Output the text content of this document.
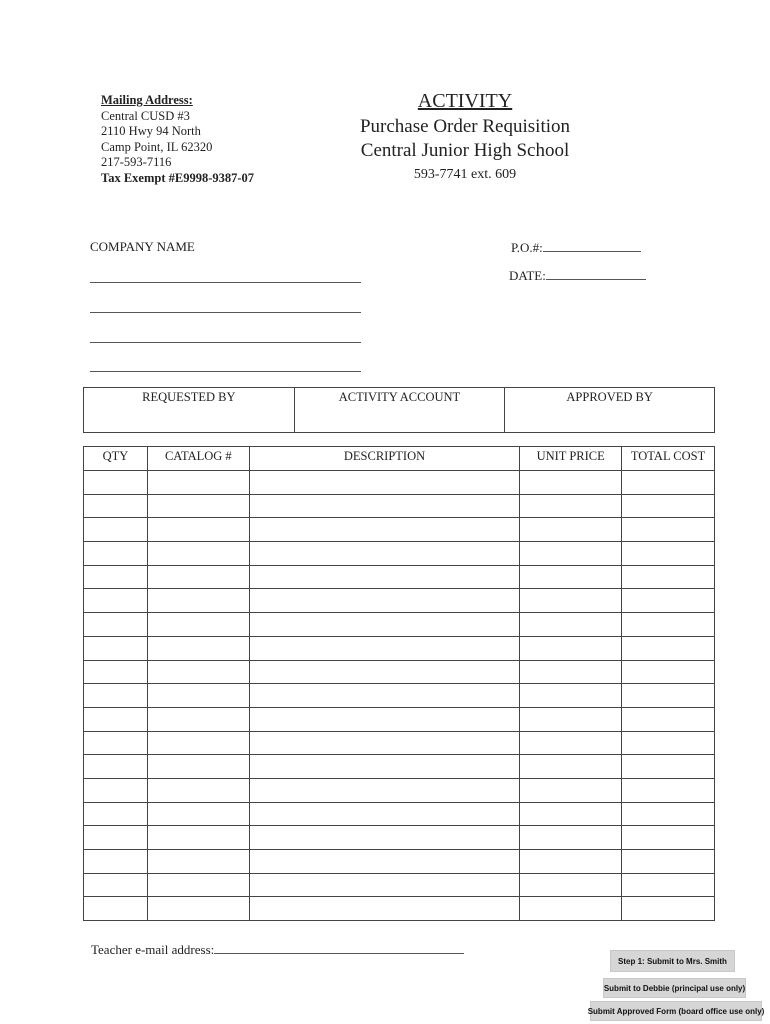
Mailing Address:
Central CUSD #3
2110 Hwy 94 North
Camp Point, IL 62320
217-593-7116
Tax Exempt #E9998-9387-07
ACTIVITY
Purchase Order Requisition
Central Junior High School
593-7741 ext. 609
COMPANY NAME	P.O.#:
DATE:
REQUESTED BY	ACTIVITY ACCOUNT	APPROVED BY
QTY	CATALOG #	DESCRIPTION	UNIT PRICE	TOTAL COST

Teacher e-mail address:
Step 1: Submit to Mrs. Smith
Submit to Debbie (principal use only)
Submit Approved Form (board office use only)
